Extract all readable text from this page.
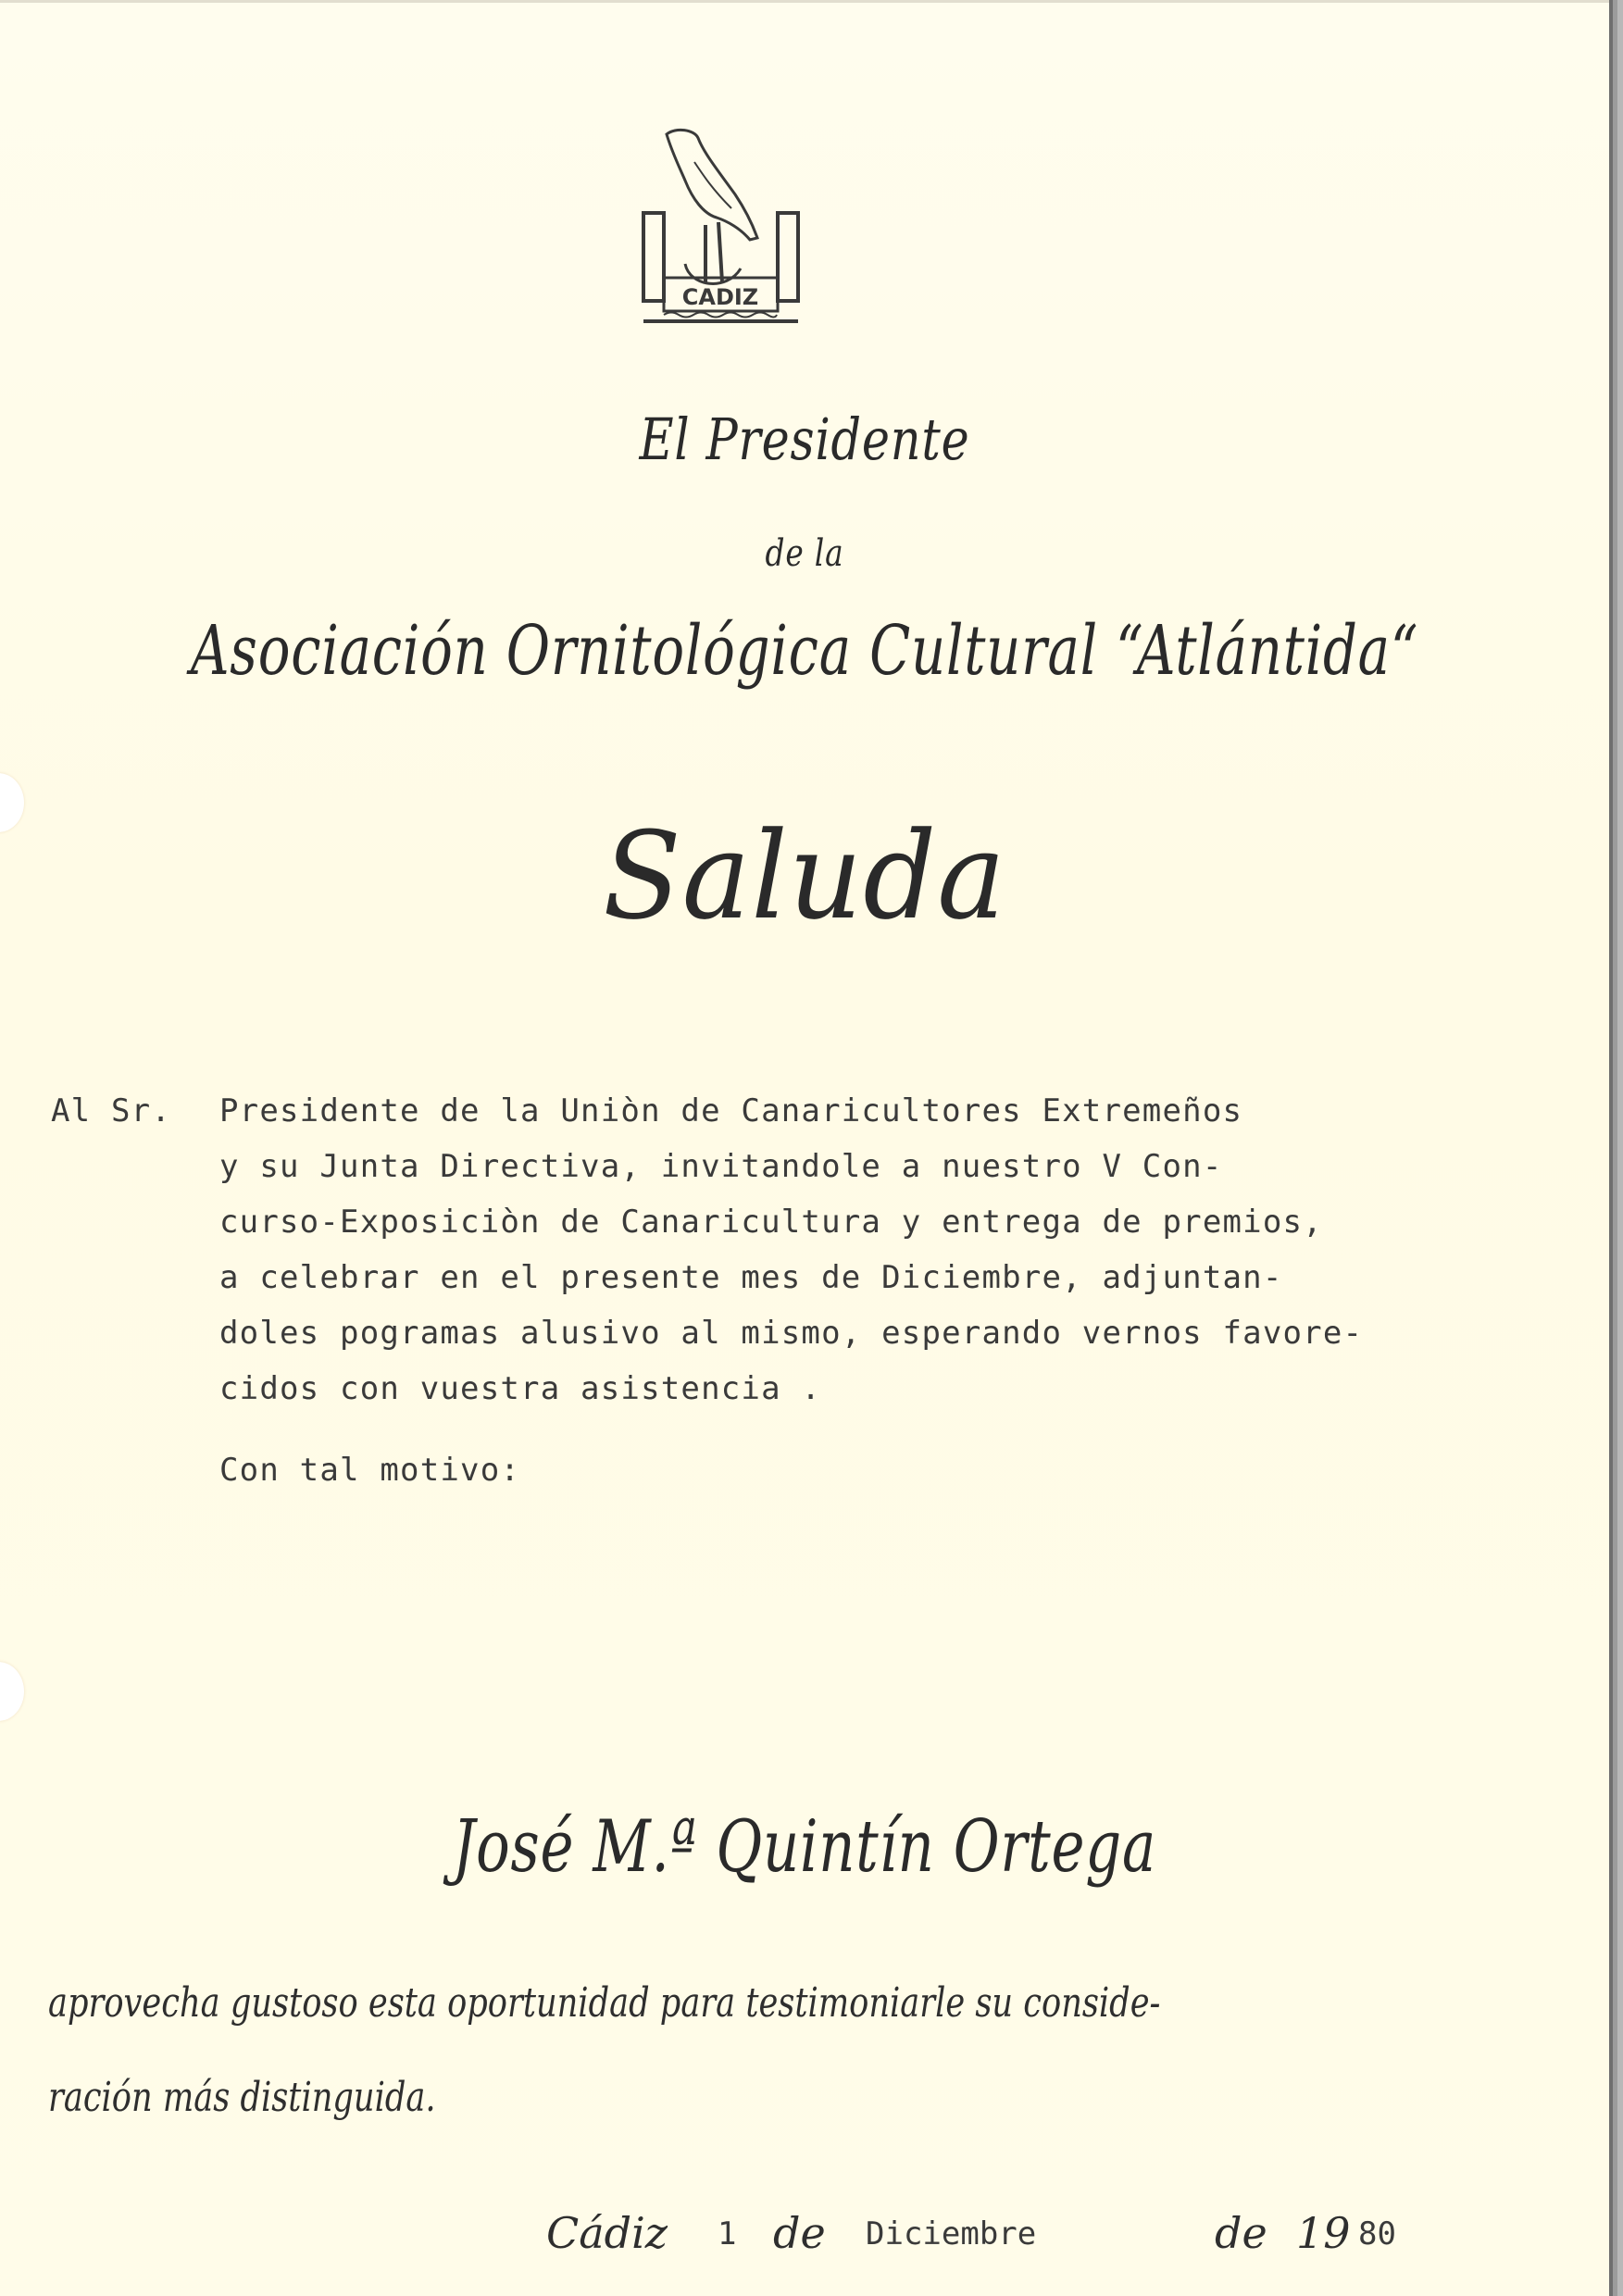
CADIZ
El Presidente
de la
Asociación Ornitológica Cultural “Atlántida“
Saluda
Al Sr. Presidente de la Uniòn de Canaricultores Extremeños
y su Junta Directiva, invitandole a nuestro V Con-
curso-Exposiciòn de Canaricultura y entrega de premios,
a celebrar en el presente mes de Diciembre, adjuntan-
doles pogramas alusivo al mismo, esperando vernos favore-
cidos con vuestra asistencia .
Con tal motivo:
José M.ª Quintín Ortega
aprovecha gustoso esta oportunidad para testimoniarle su conside-
ración más distinguida.
Cádiz 1 de Diciembre	de 19 80
